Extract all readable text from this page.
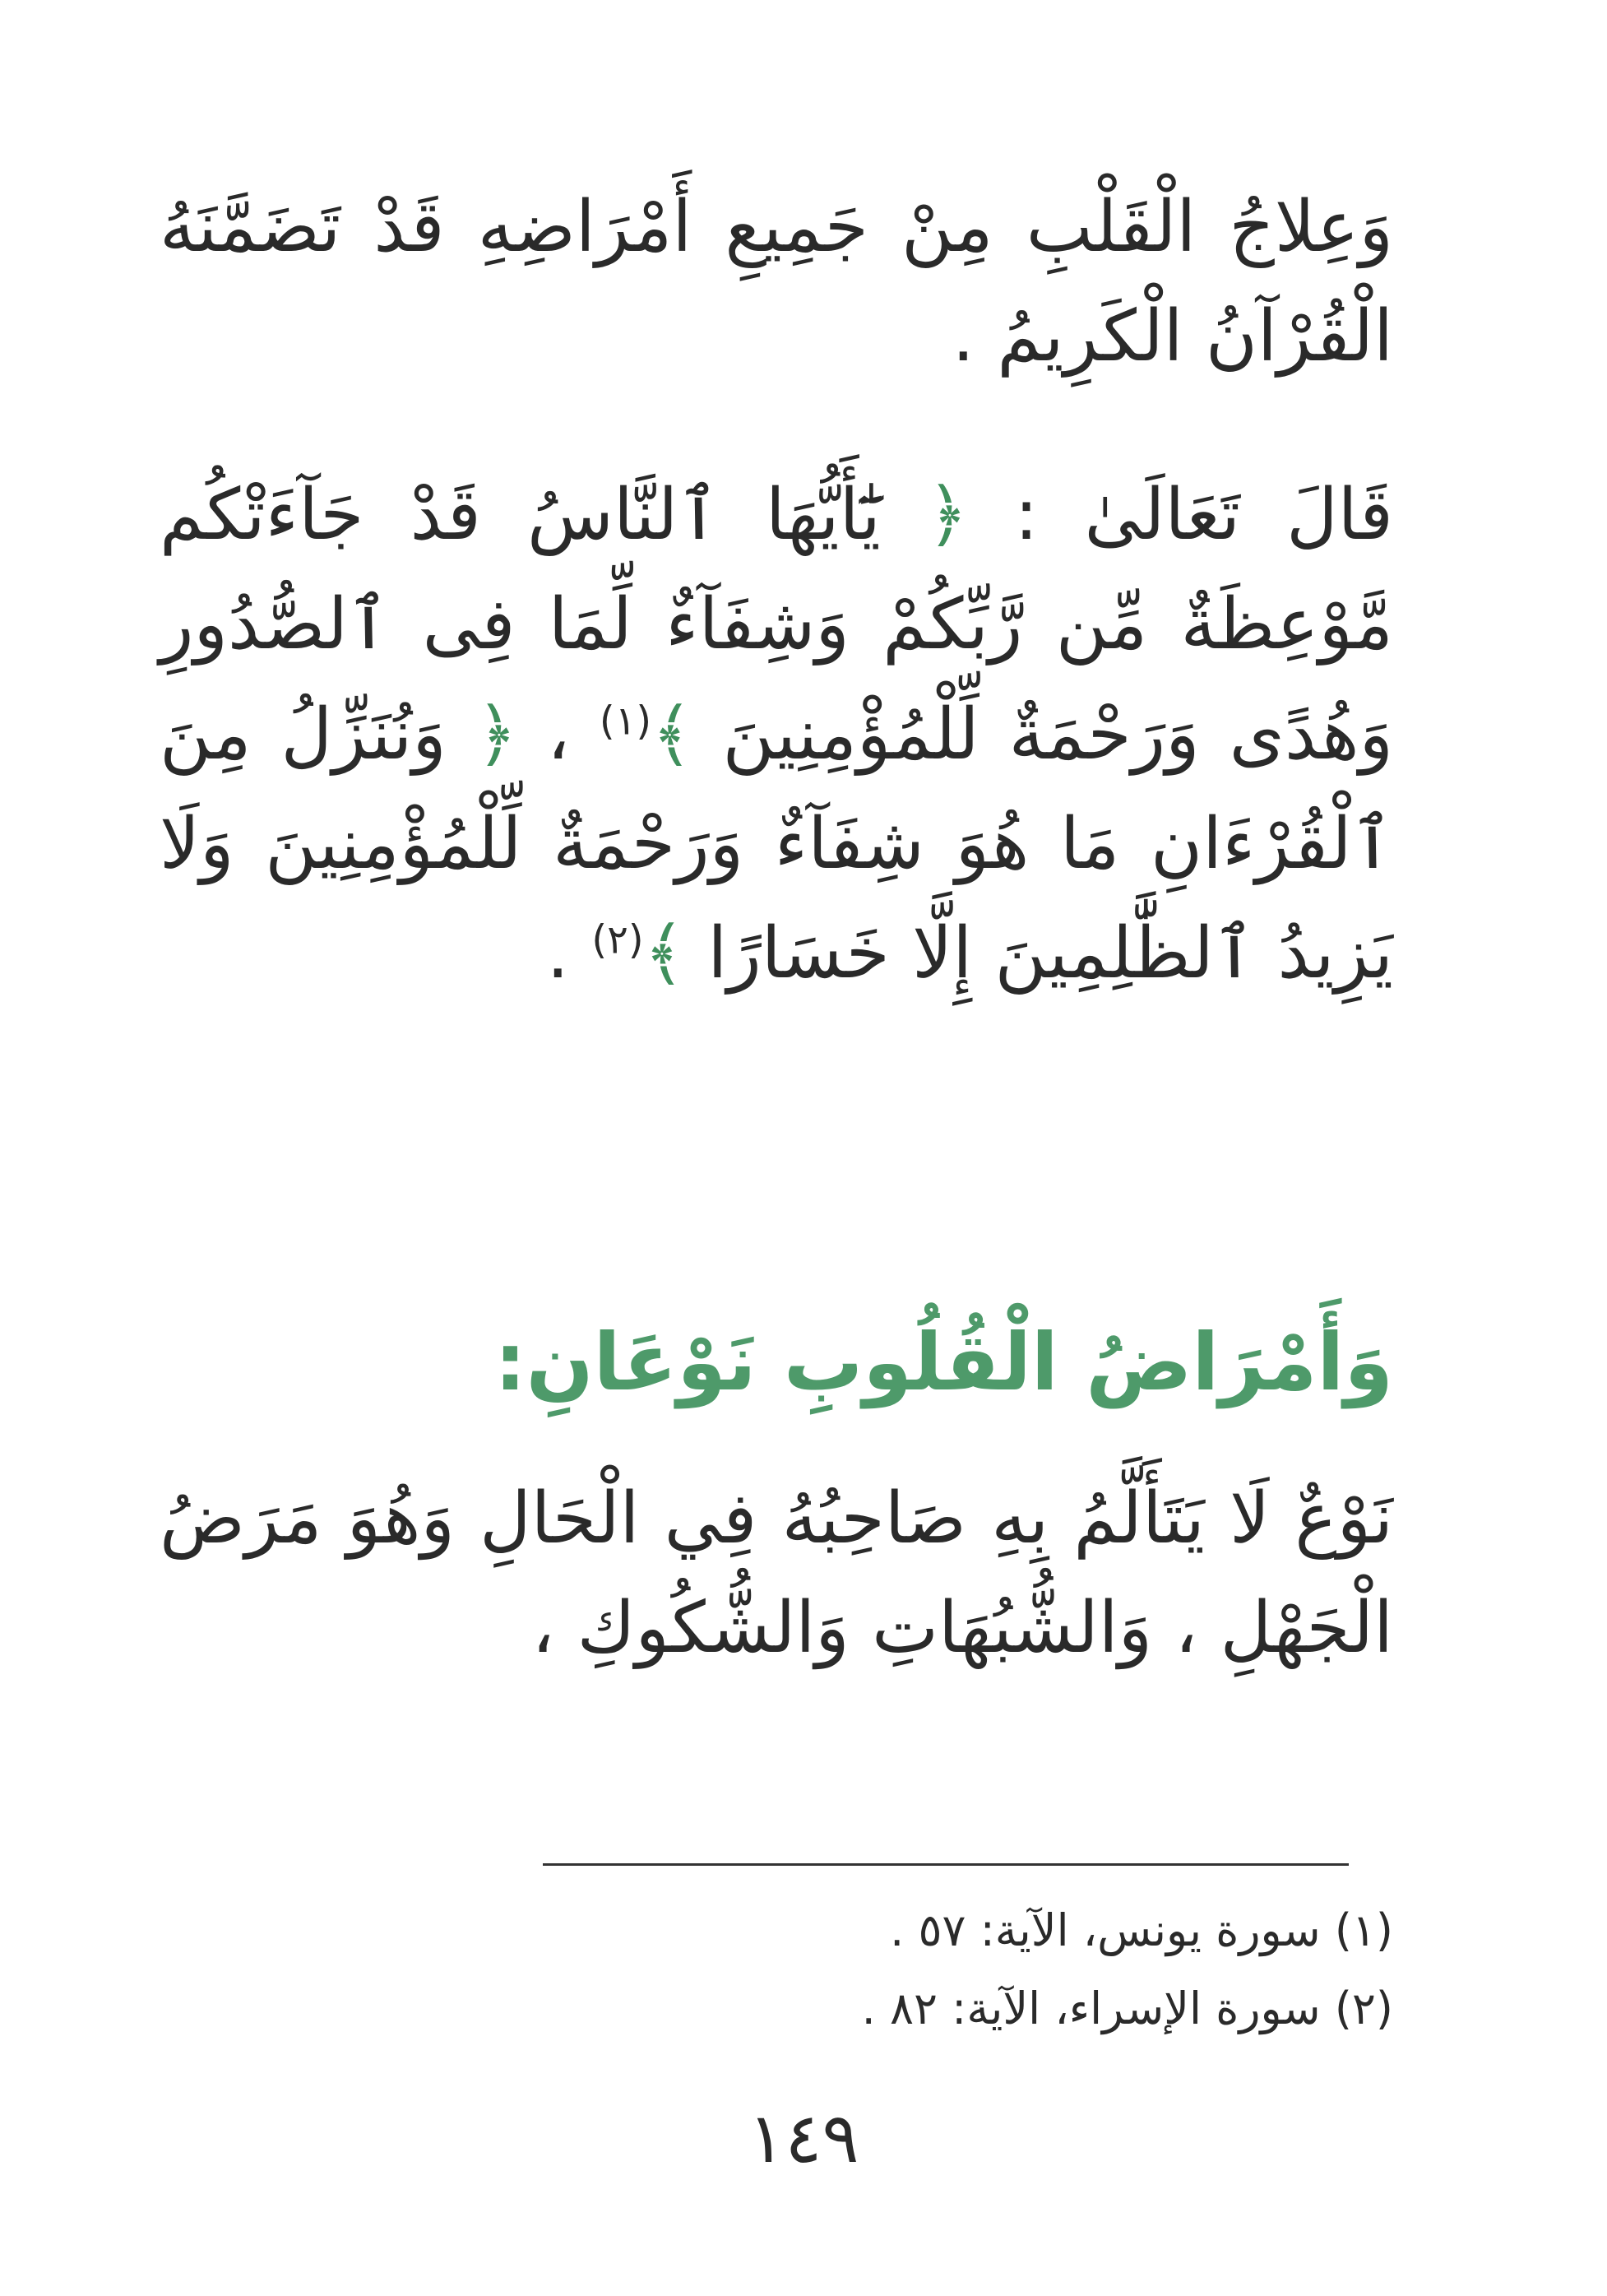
وَعِلاجُ الْقَلْبِ مِنْ جَمِيعِ أَمْرَاضِهِ قَدْ تَضَمَّنَهُ الْقُرْآنُ الْكَرِيمُ .

قَالَ تَعَالَىٰ : ﴿ يَٰٓأَيُّهَا ٱلنَّاسُ قَدْ جَآءَتْكُم مَّوْعِظَةٌ مِّن رَّبِّكُمْ وَشِفَآءٌ لِّمَا فِى ٱلصُّدُورِ وَهُدًى وَرَحْمَةٌ لِّلْمُؤْمِنِينَ ﴾$^{(١)}$ ، ﴿ وَنُنَزِّلُ مِنَ ٱلْقُرْءَانِ مَا هُوَ شِفَآءٌ وَرَحْمَةٌ لِّلْمُؤْمِنِينَ وَلَا يَزِيدُ ٱلظَّٰلِمِينَ إِلَّا خَسَارًا ﴾$^{(٢)}$ .

وَأَمْرَاضُ الْقُلُوبِ نَوْعَانِ:

نَوْعٌ لَا يَتَأَلَّمُ بِهِ صَاحِبُهُ فِي الْحَالِ وَهُوَ مَرَضُ الْجَهْلِ ، وَالشُّبُهَاتِ وَالشُّكُوكِ ،

(١) سورة يونس، الآية: ٥٧ .
(٢) سورة الإسراء، الآية: ٨٢ .

١٤٩
